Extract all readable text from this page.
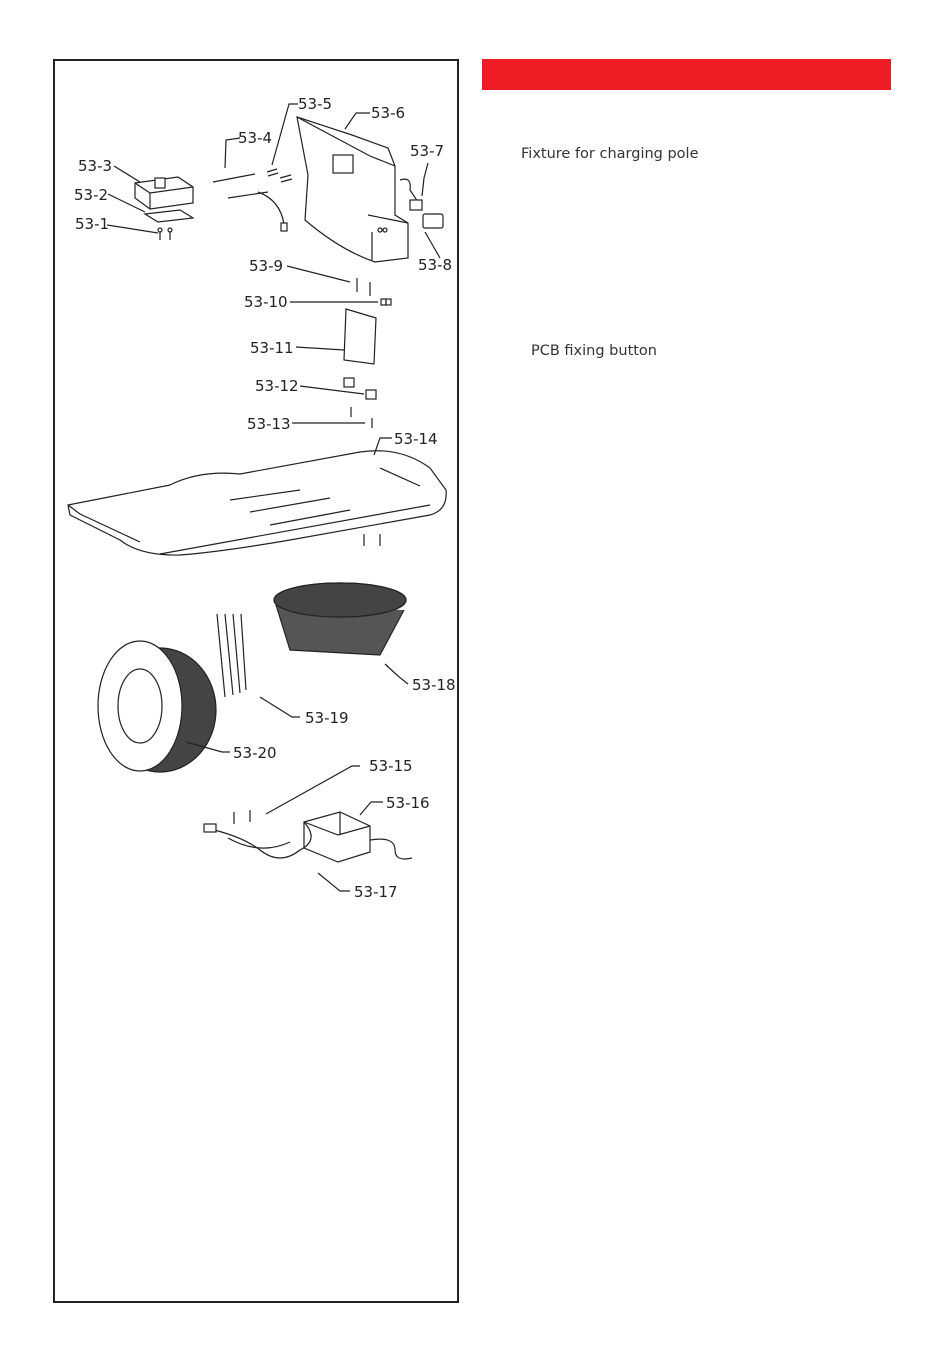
Fixture for charging pole
PCB fixing button
53-1
53-2
53-3
53-4
53-5	53-6
53-7
53-8
53-9
53-10
53-11
53-12
53-13
53-14
53-15
53-16
53-17
53-18
53-19
53-20
